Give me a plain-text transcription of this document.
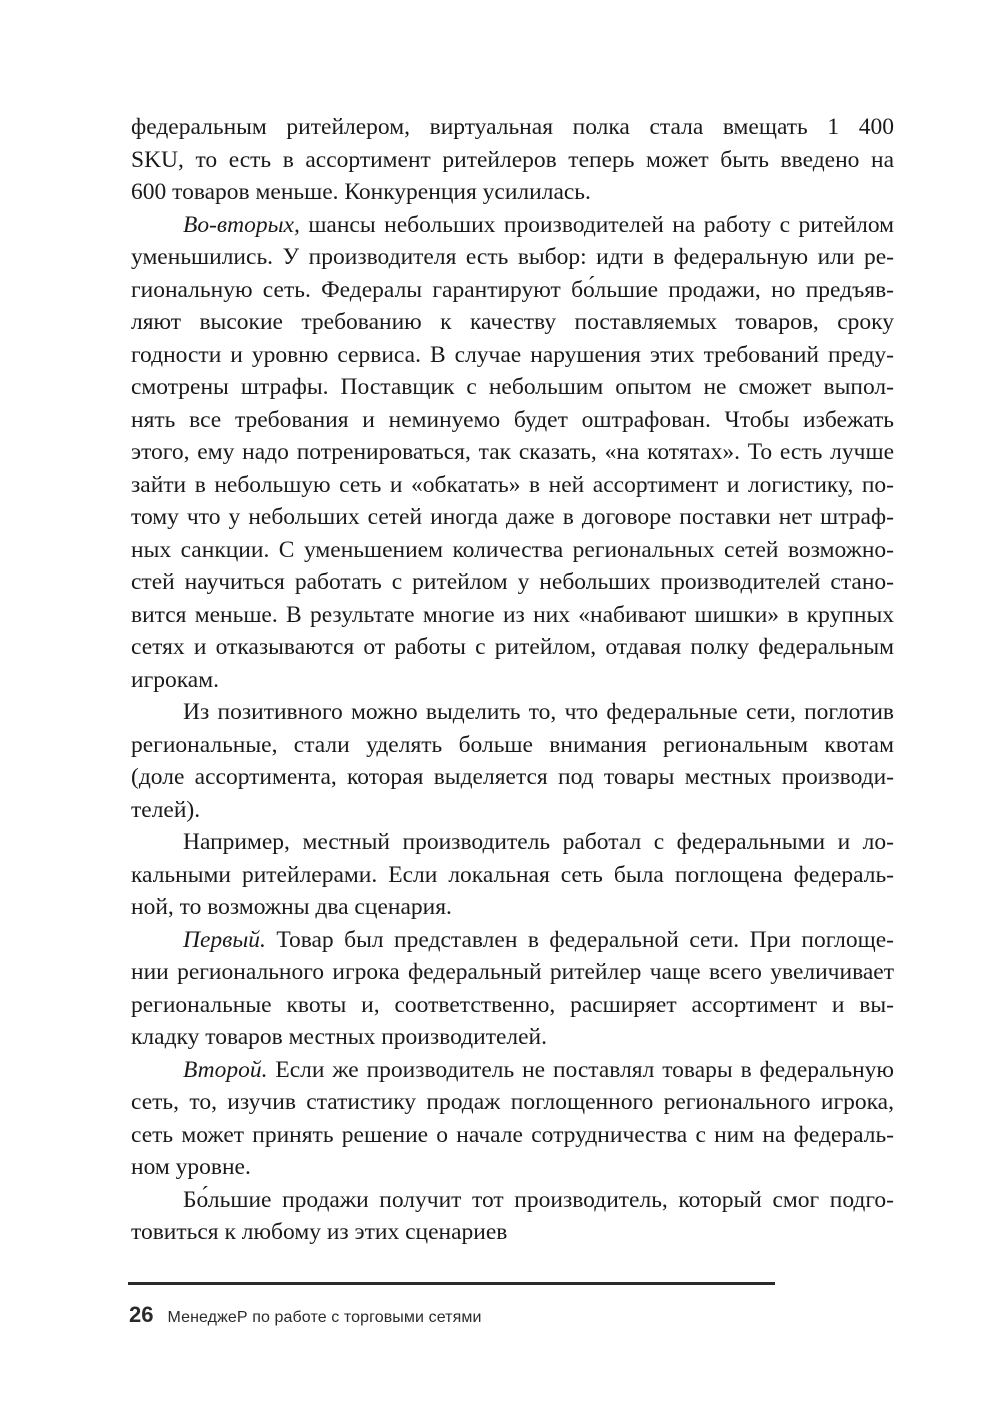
федеральным ритейлером, виртуальная полка стала вмещать 1 400
SKU, то есть в ассортимент ритейлеров теперь может быть введено на
600 товаров меньше. Конкуренция усилилась.
Во-вторых, шансы небольших производителей на работу с ритейлом
уменьшились. У производителя есть выбор: идти в федеральную или ре-
гиональную сеть. Федералы гарантируют бо́льшие продажи, но предъяв-
ляют высокие требованию к качеству поставляемых товаров, сроку
годности и уровню сервиса. В случае нарушения этих требований преду-
смотрены штрафы. Поставщик с небольшим опытом не сможет выпол-
нять все требования и неминуемо будет оштрафован. Чтобы избежать
этого, ему надо потренироваться, так сказать, «на котятах». То есть лучше
зайти в небольшую сеть и «обкатать» в ней ассортимент и логистику, по-
тому что у небольших сетей иногда даже в договоре поставки нет штраф-
ных санкции. С уменьшением количества региональных сетей возможно-
стей научиться работать с ритейлом у небольших производителей стано-
вится меньше. В результате многие из них «набивают шишки» в крупных
сетях и отказываются от работы с ритейлом, отдавая полку федеральным
игрокам.
Из позитивного можно выделить то, что федеральные сети, поглотив
региональные, стали уделять больше внимания региональным квотам
(доле ассортимента, которая выделяется под товары местных производи-
телей).
Например, местный производитель работал с федеральными и ло-
кальными ритейлерами. Если локальная сеть была поглощена федераль-
ной, то возможны два сценария.
Первый. Товар был представлен в федеральной сети. При поглоще-
нии регионального игрока федеральный ритейлер чаще всего увеличивает
региональные квоты и, соответственно, расширяет ассортимент и вы-
кладку товаров местных производителей.
Второй. Если же производитель не поставлял товары в федеральную
сеть, то, изучив статистику продаж поглощенного регионального игрока,
сеть может принять решение о начале сотрудничества с ним на федераль-
ном уровне.
Бо́льшие продажи получит тот производитель, который смог подго-
товиться к любому из этих сценариев
26 МенеджеР по работе с торговыми сетями
